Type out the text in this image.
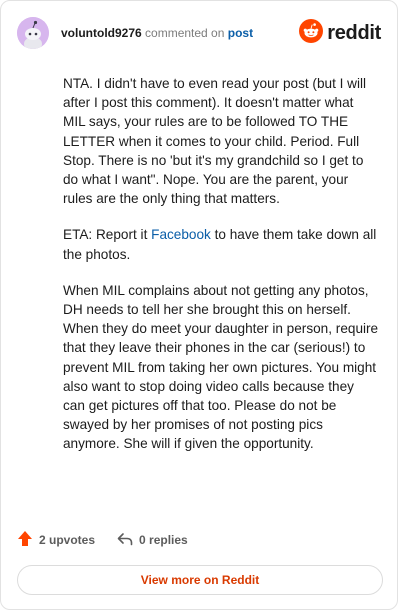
voluntold9276 commented on post	reddit

NTA. I didn't have to even read your post (but I will after I post this comment). It doesn't matter what MIL says, your rules are to be followed TO THE LETTER when it comes to your child. Period. Full Stop. There is no 'but it's my grandchild so I get to do what I want". Nope. You are the parent, your rules are the only thing that matters.

ETA: Report it Facebook to have them take down all the photos.

When MIL complains about not getting any photos, DH needs to tell her she brought this on herself. When they do meet your daughter in person, require that they leave their phones in the car (serious!) to prevent MIL from taking her own pictures. You might also want to stop doing video calls because they can get pictures off that too. Please do not be swayed by her promises of not posting pics anymore. She will if given the opportunity.

2 upvotes	0 replies
View more on Reddit
